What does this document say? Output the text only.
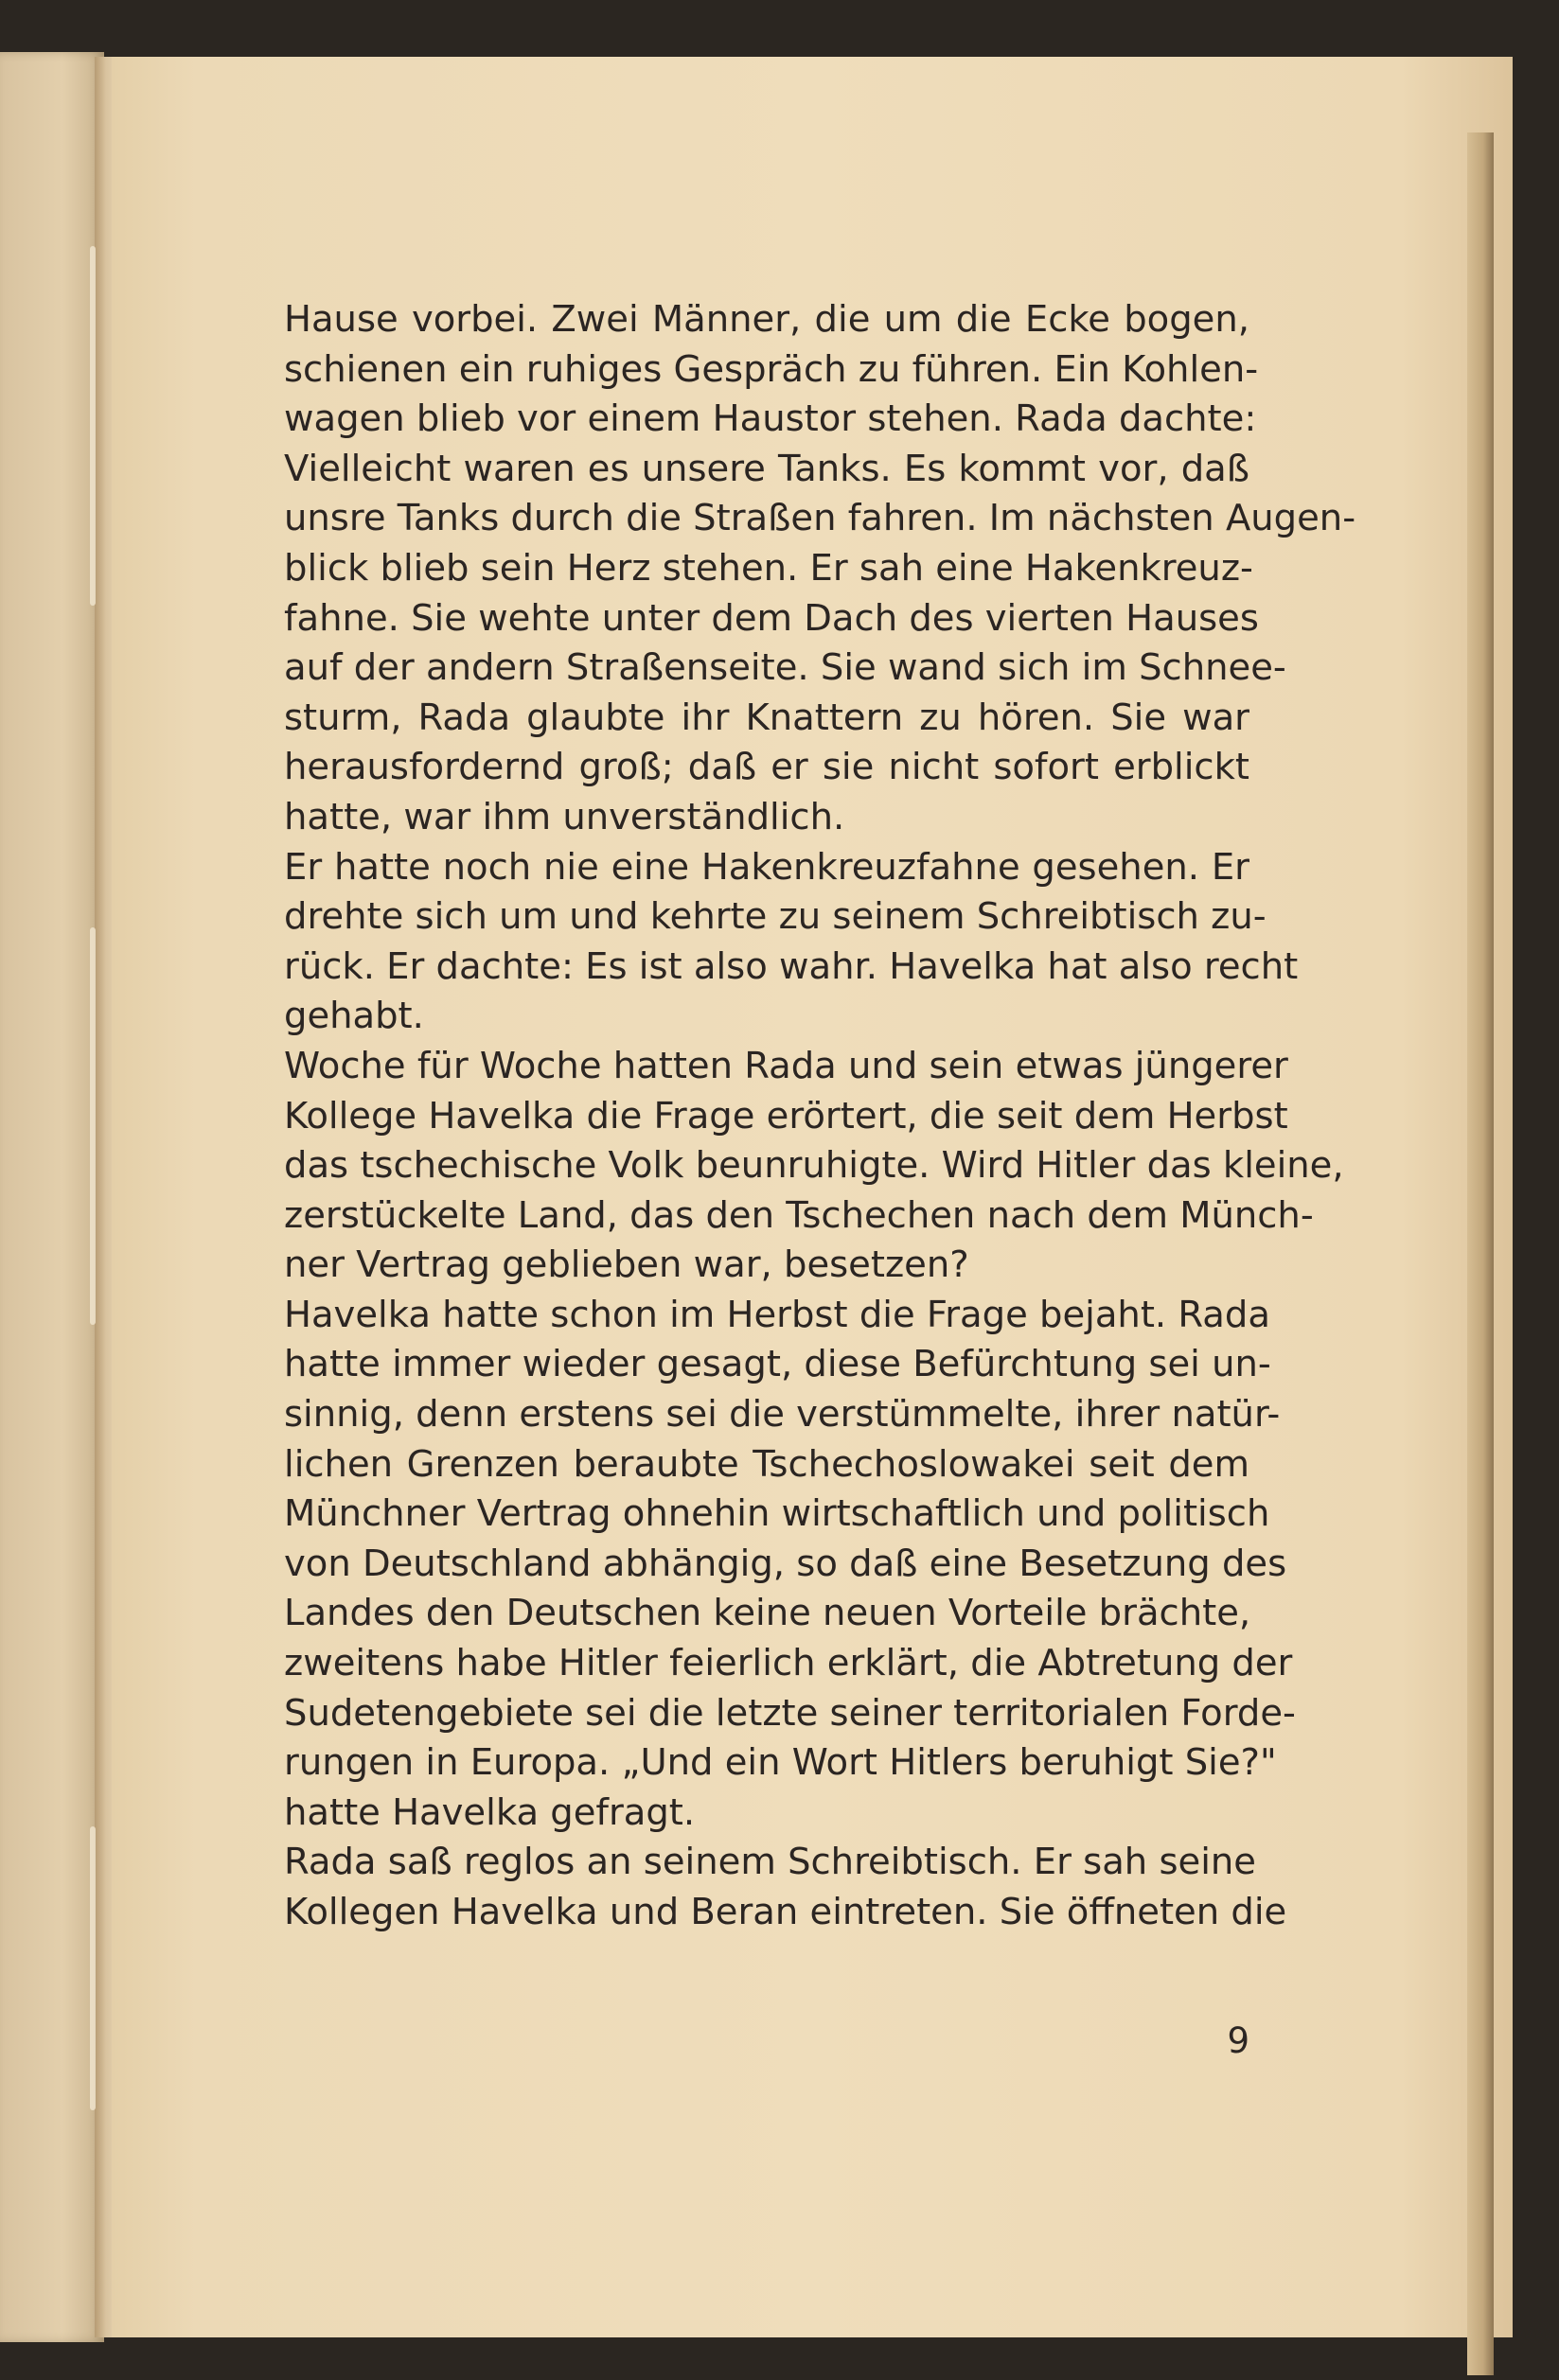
Hause vorbei. Zwei Männer, die um die Ecke bogen,
schienen ein ruhiges Gespräch zu führen. Ein Kohlen-
wagen blieb vor einem Haustor stehen. Rada dachte:
Vielleicht waren es unsere Tanks. Es kommt vor, daß
unsre Tanks durch die Straßen fahren. Im nächsten Augen-
blick blieb sein Herz stehen. Er sah eine Hakenkreuz-
fahne. Sie wehte unter dem Dach des vierten Hauses
auf der andern Straßenseite. Sie wand sich im Schnee-
sturm, Rada glaubte ihr Knattern zu hören. Sie war
herausfordernd groß; daß er sie nicht sofort erblickt
hatte, war ihm unverständlich.
Er hatte noch nie eine Hakenkreuzfahne gesehen. Er
drehte sich um und kehrte zu seinem Schreibtisch zu-
rück. Er dachte: Es ist also wahr. Havelka hat also recht
gehabt.
Woche für Woche hatten Rada und sein etwas jüngerer
Kollege Havelka die Frage erörtert, die seit dem Herbst
das tschechische Volk beunruhigte. Wird Hitler das kleine,
zerstückelte Land, das den Tschechen nach dem Münch-
ner Vertrag geblieben war, besetzen?
Havelka hatte schon im Herbst die Frage bejaht. Rada
hatte immer wieder gesagt, diese Befürchtung sei un-
sinnig, denn erstens sei die verstümmelte, ihrer natür-
lichen Grenzen beraubte Tschechoslowakei seit dem
Münchner Vertrag ohnehin wirtschaftlich und politisch
von Deutschland abhängig, so daß eine Besetzung des
Landes den Deutschen keine neuen Vorteile brächte,
zweitens habe Hitler feierlich erklärt, die Abtretung der
Sudetengebiete sei die letzte seiner territorialen Forde-
rungen in Europa. „Und ein Wort Hitlers beruhigt Sie?"
hatte Havelka gefragt.
Rada saß reglos an seinem Schreibtisch. Er sah seine
Kollegen Havelka und Beran eintreten. Sie öffneten die
9
